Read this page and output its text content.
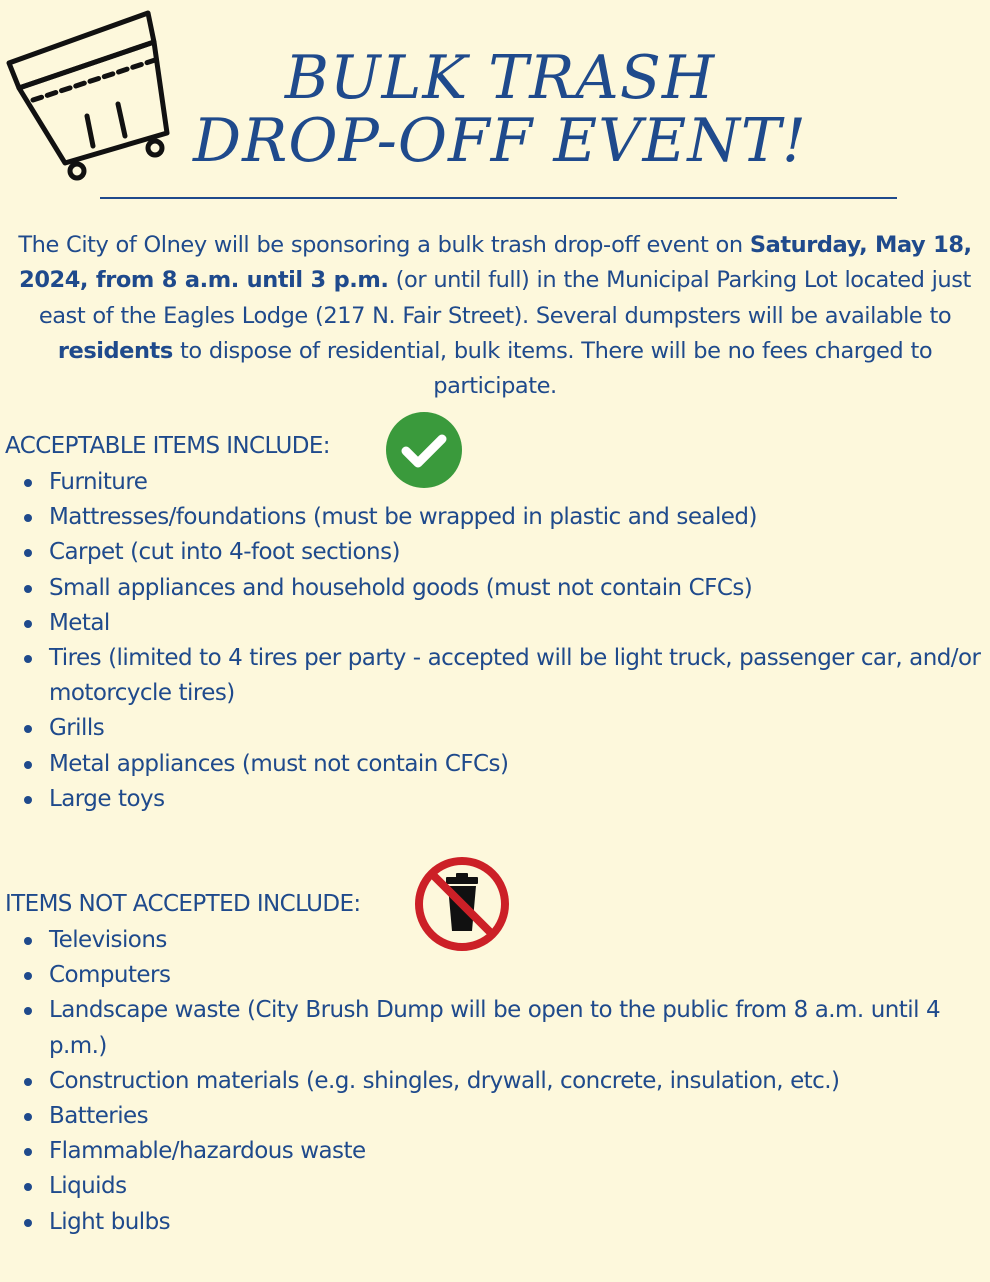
BULK TRASH
DROP-OFF EVENT!
The City of Olney will be sponsoring a bulk trash drop-off event on Saturday, May 18, 2024, from 8 a.m. until 3 p.m. (or until full) in the Municipal Parking Lot located just east of the Eagles Lodge (217 N. Fair Street). Several dumpsters will be available to residents to dispose of residential, bulk items. There will be no fees charged to participate.
ACCEPTABLE ITEMS INCLUDE:
Furniture
Mattresses/foundations (must be wrapped in plastic and sealed)
Carpet (cut into 4-foot sections)
Small appliances and household goods (must not contain CFCs)
Metal
Tires (limited to 4 tires per party - accepted will be light truck, passenger car, and/or motorcycle tires)
Grills
Metal appliances (must not contain CFCs)
Large toys
ITEMS NOT ACCEPTED INCLUDE:
Televisions
Computers
Landscape waste (City Brush Dump will be open to the public from 8 a.m. until 4 p.m.)
Construction materials (e.g. shingles, drywall, concrete, insulation, etc.)
Batteries
Flammable/hazardous waste
Liquids
Light bulbs
